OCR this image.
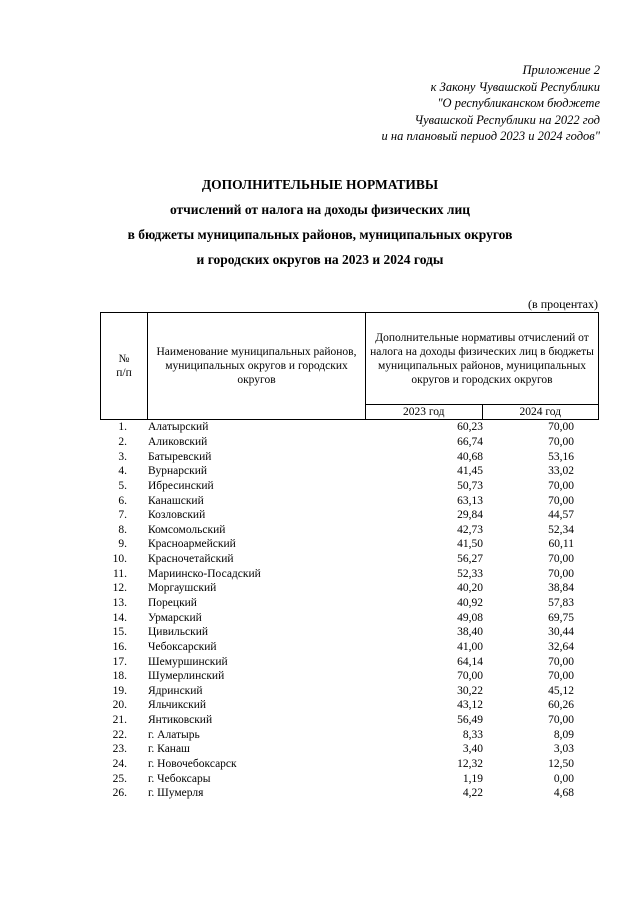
Приложение 2
к Закону Чувашской Республики
"О республиканском бюджете
Чувашской Республики на 2022 год
и на плановый период 2023 и 2024 годов"
ДОПОЛНИТЕЛЬНЫЕ НОРМАТИВЫ
отчислений от налога на доходы физических лиц
в бюджеты муниципальных районов, муниципальных округов
и городских округов на 2023 и 2024 годы
(в процентах)
№
п/п	Наименование муниципальных районов, муниципальных округов и городских округов	Дополнительные нормативы отчислений от налога на доходы физических лиц в бюджеты муниципальных районов, муниципальных округов и городских округов	
		2023 год	2024 год
1.	Алатырский	60,23	70,00
2.	Аликовский	66,74	70,00
3.	Батыревский	40,68	53,16
4.	Вурнарский	41,45	33,02
5.	Ибресинский	50,73	70,00
6.	Канашский	63,13	70,00
7.	Козловский	29,84	44,57
8.	Комсомольский	42,73	52,34
9.	Красноармейский	41,50	60,11
10.	Красночетайский	56,27	70,00
11.	Мариинско-Посадский	52,33	70,00
12.	Моргаушский	40,20	38,84
13.	Порецкий	40,92	57,83
14.	Урмарский	49,08	69,75
15.	Цивильский	38,40	30,44
16.	Чебоксарский	41,00	32,64
17.	Шемуршинский	64,14	70,00
18.	Шумерлинский	70,00	70,00
19.	Ядринский	30,22	45,12
20.	Яльчикский	43,12	60,26
21.	Янтиковский	56,49	70,00
22.	г. Алатырь	8,33	8,09
23.	г. Канаш	3,40	3,03
24.	г. Новочебоксарск	12,32	12,50
25.	г. Чебоксары	1,19	0,00
26.	г. Шумерля	4,22	4,68
